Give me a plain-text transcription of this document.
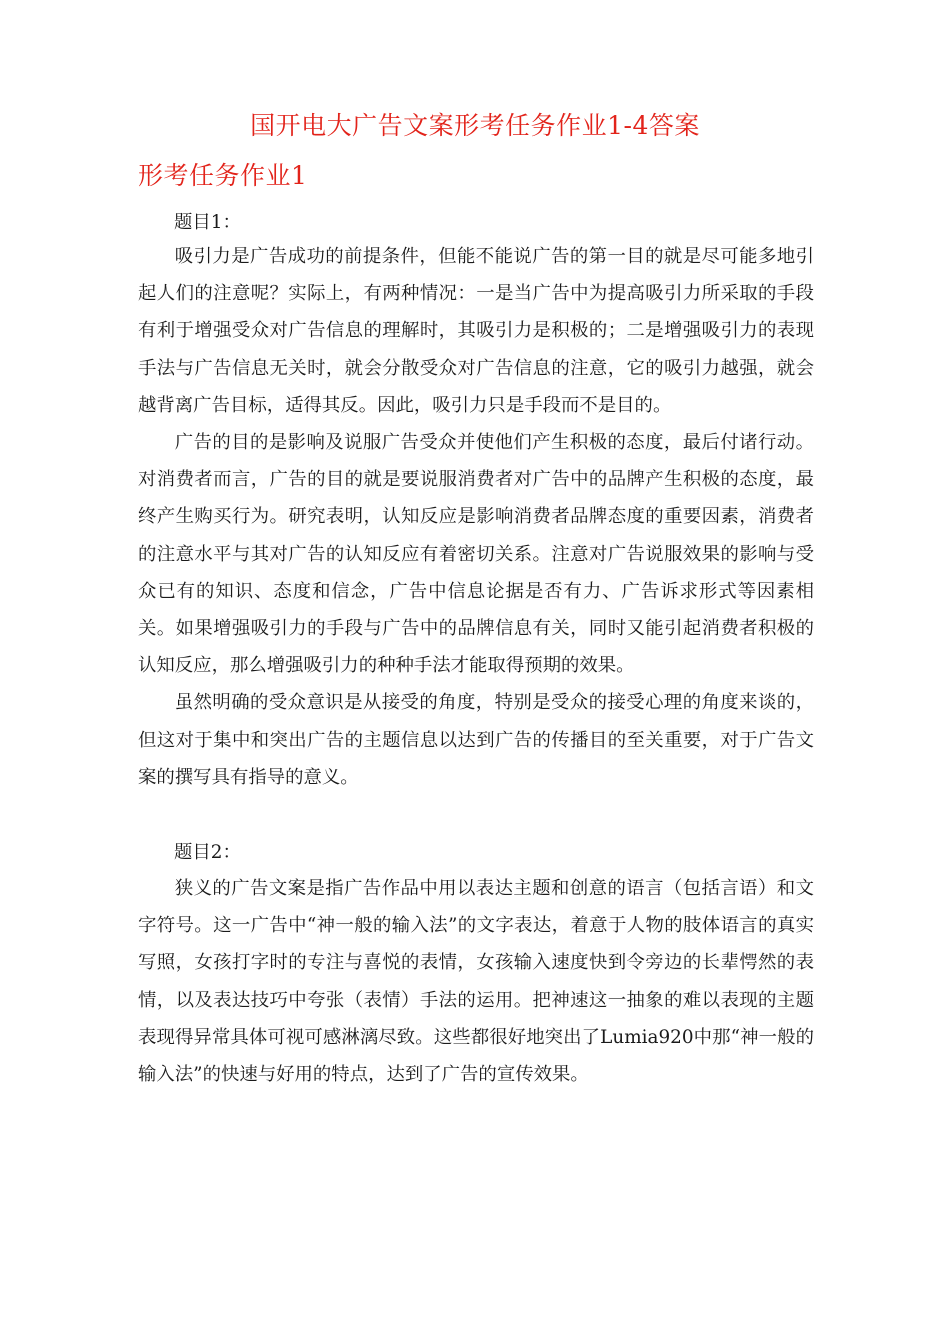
国开电大广告文案形考任务作业1-4答案
形考任务作业1
题目1：

吸引力是广告成功的前提条件，但能不能说广告的第一目的就是尽可能多地引起人们的注意呢？实际上，有两种情况：一是当广告中为提高吸引力所采取的手段有利于增强受众对广告信息的理解时，其吸引力是积极的；二是增强吸引力的表现手法与广告信息无关时，就会分散受众对广告信息的注意，它的吸引力越强，就会越背离广告目标，适得其反。因此，吸引力只是手段而不是目的。

广告的目的是影响及说服广告受众并使他们产生积极的态度，最后付诸行动。对消费者而言，广告的目的就是要说服消费者对广告中的品牌产生积极的态度，最终产生购买行为。研究表明，认知反应是影响消费者品牌态度的重要因素，消费者的注意水平与其对广告的认知反应有着密切关系。注意对广告说服效果的影响与受众已有的知识、态度和信念，广告中信息论据是否有力、广告诉求形式等因素相关。如果增强吸引力的手段与广告中的品牌信息有关，同时又能引起消费者积极的认知反应，那么增强吸引力的种种手法才能取得预期的效果。

虽然明确的受众意识是从接受的角度，特别是受众的接受心理的角度来谈的，但这对于集中和突出广告的主题信息以达到广告的传播目的至关重要，对于广告文案的撰写具有指导的意义。

题目2：

狭义的广告文案是指广告作品中用以表达主题和创意的语言（包括言语）和文字符号。这一广告中“神一般的输入法”的文字表达，着意于人物的肢体语言的真实写照，女孩打字时的专注与喜悦的表情，女孩输入速度快到令旁边的长辈愕然的表情，以及表达技巧中夸张（表情）手法的运用。把神速这一抽象的难以表现的主题表现得异常具体可视可感淋漓尽致。这些都很好地突出了Lumia920中那“神一般的输入法”的快速与好用的特点，达到了广告的宣传效果。
